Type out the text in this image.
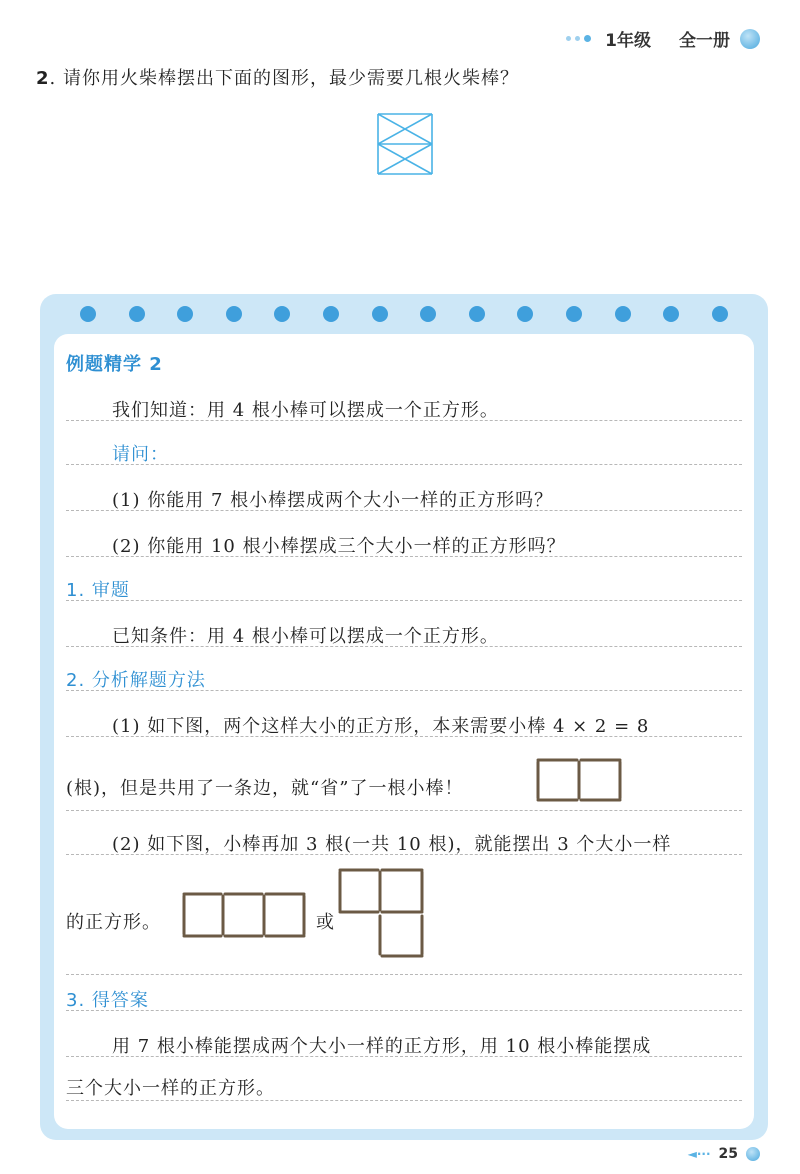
1年级 全一册
2. 请你用火柴棒摆出下面的图形，最少需要几根火柴棒？
例题精学 2
我们知道：用 4 根小棒可以摆成一个正方形。
请问：
(1) 你能用 7 根小棒摆成两个大小一样的正方形吗？
(2) 你能用 10 根小棒摆成三个大小一样的正方形吗？
1. 审题
已知条件：用 4 根小棒可以摆成一个正方形。
2. 分析解题方法
(1) 如下图，两个这样大小的正方形，本来需要小棒 4 × 2 = 8
(根)，但是共用了一条边，就“省”了一根小棒！
(2) 如下图，小棒再加 3 根(一共 10 根)，就能摆出 3 个大小一样
的正方形。	或
3. 得答案
用 7 根小棒能摆成两个大小一样的正方形，用 10 根小棒能摆成
三个大小一样的正方形。
◄··· 25
